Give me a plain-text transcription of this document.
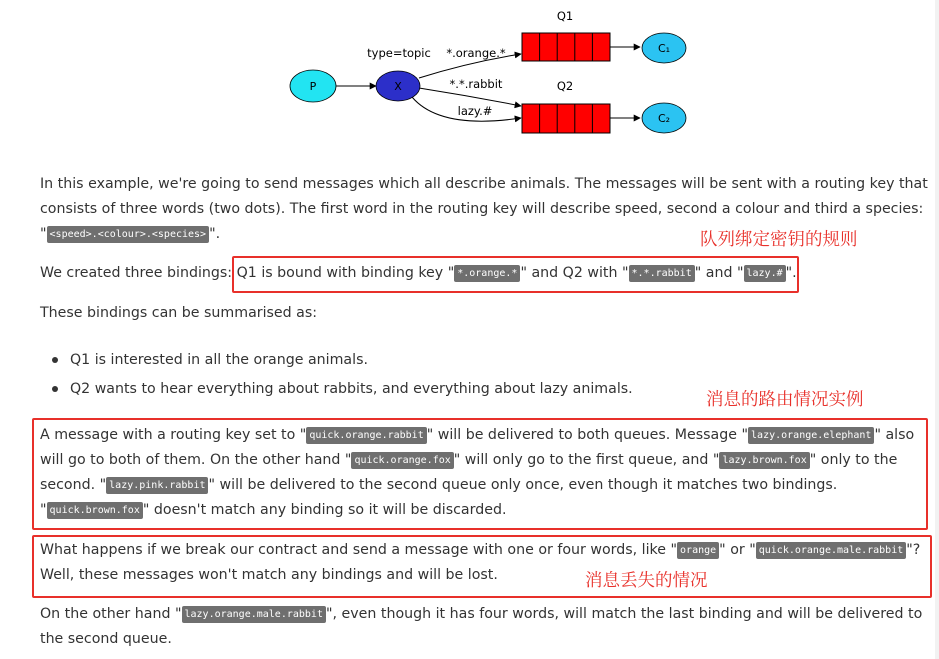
P	X
type=topic *.orange.*
*.*.rabbit
lazy.#
Q1
Q2
C₁
C₂
In this example, we're going to send messages which all describe animals. The messages will be sent with a routing key that
consists of three words (two dots). The first word in the routing key will describe speed, second a colour and third a species:
" <speed>.<colour>.<species> ".	队列绑定密钥的规则
We created three bindings: Q1 is bound with binding key " *.orange.* " and Q2 with " *.*.rabbit " and " lazy.# ".
These bindings can be summarised as:
Q1 is interested in all the orange animals.
Q2 wants to hear everything about rabbits, and everything about lazy animals.
消息的路由情况实例
A message with a routing key set to " quick.orange.rabbit " will be delivered to both queues. Message " lazy.orange.elephant " also
will go to both of them. On the other hand " quick.orange.fox " will only go to the first queue, and " lazy.brown.fox " only to the
second. " lazy.pink.rabbit " will be delivered to the second queue only once, even though it matches two bindings.
" quick.brown.fox " doesn't match any binding so it will be discarded.
What happens if we break our contract and send a message with one or four words, like " orange " or " quick.orange.male.rabbit "?
Well, these messages won't match any bindings and will be lost.	消息丢失的情况
On the other hand " lazy.orange.male.rabbit ", even though it has four words, will match the last binding and will be delivered to
the second queue.
